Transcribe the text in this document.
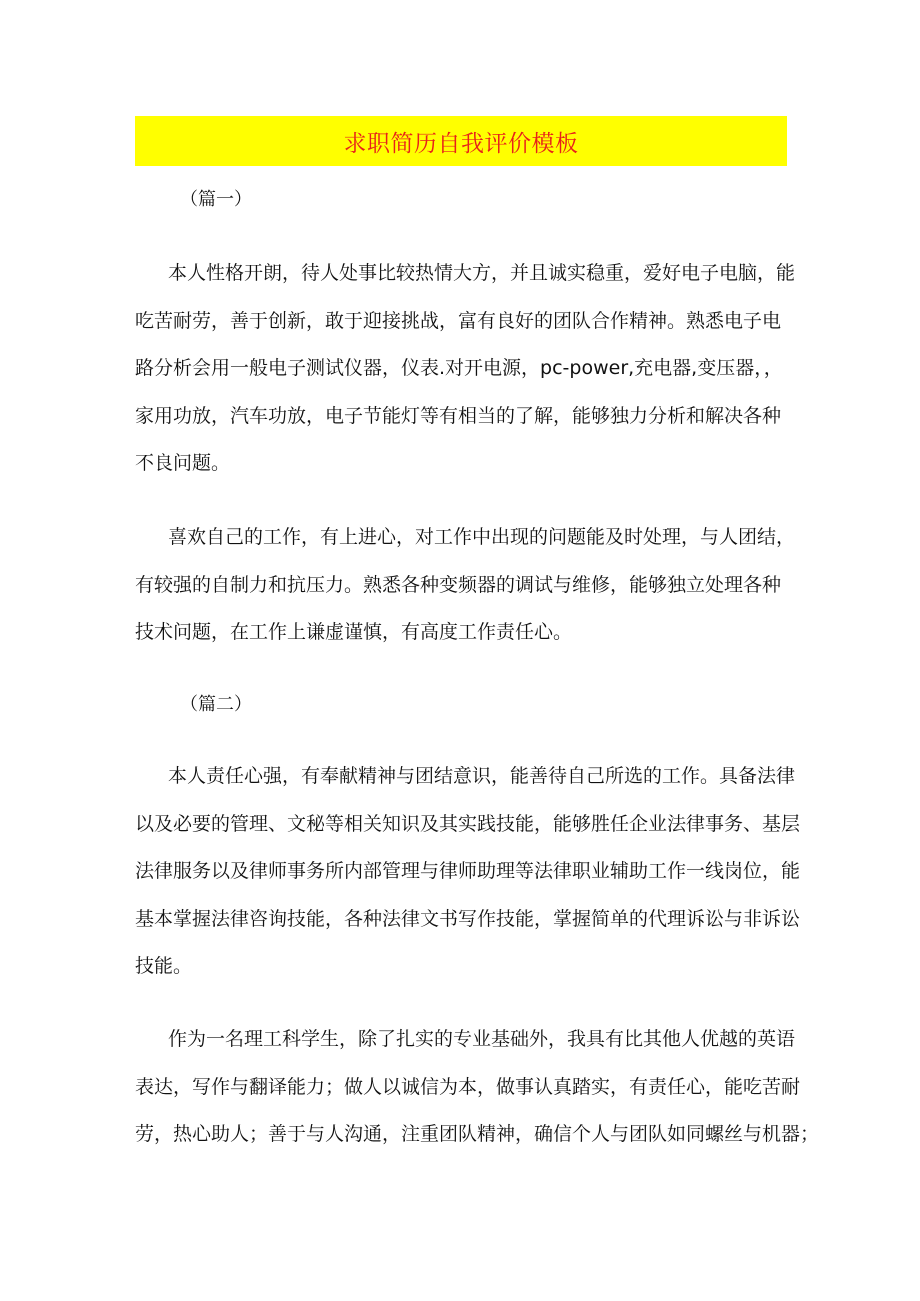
求职简历自我评价模板
（篇一）
本人性格开朗，待人处事比较热情大方，并且诚实稳重，爱好电子电脑，能
吃苦耐劳，善于创新，敢于迎接挑战，富有良好的团队合作精神。熟悉电子电
路分析会用一般电子测试仪器，仪表.对开电源，pc-power,充电器,变压器，，
家用功放，汽车功放，电子节能灯等有相当的了解，能够独力分析和解决各种
不良问题。
喜欢自己的工作，有上进心，对工作中出现的问题能及时处理，与人团结，
有较强的自制力和抗压力。熟悉各种变频器的调试与维修，能够独立处理各种
技术问题，在工作上谦虚谨慎，有高度工作责任心。
（篇二）
本人责任心强，有奉献精神与团结意识，能善待自己所选的工作。具备法律
以及必要的管理、文秘等相关知识及其实践技能，能够胜任企业法律事务、基层
法律服务以及律师事务所内部管理与律师助理等法律职业辅助工作一线岗位，能
基本掌握法律咨询技能，各种法律文书写作技能，掌握简单的代理诉讼与非诉讼
技能。
作为一名理工科学生，除了扎实的专业基础外，我具有比其他人优越的英语
表达，写作与翻译能力；做人以诚信为本，做事认真踏实，有责任心，能吃苦耐
劳，热心助人；善于与人沟通，注重团队精神，确信个人与团队如同螺丝与机器；
